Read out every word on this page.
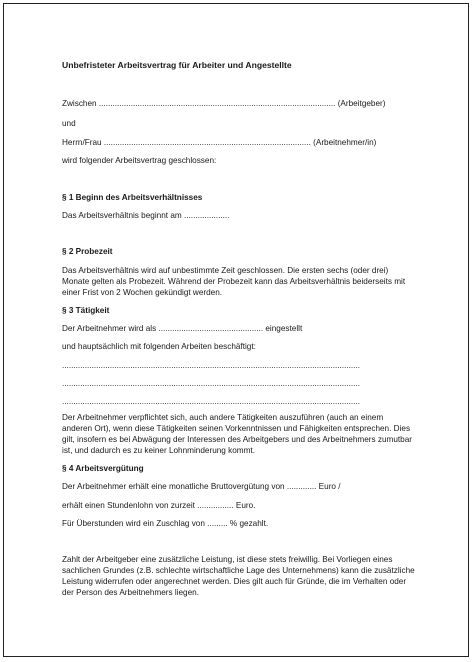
Unbefristeter Arbeitsvertrag für Arbeiter und Angestellte
Zwischen ........................................................................................................ (Arbeitgeber)
und
Herrn/Frau ........................................................................................... (Arbeitnehmer/in)
wird folgender Arbeitsvertrag geschlossen:
§ 1 Beginn des Arbeitsverhältnisses
Das Arbeitsverhältnis beginnt am ....................
§ 2 Probezeit
Das Arbeitsverhältnis wird auf unbestimmte Zeit geschlossen. Die ersten sechs (oder drei)
Monate gelten als Probezeit. Während der Probezeit kann das Arbeitsverhältnis beiderseits mit
einer Frist von 2 Wochen gekündigt werden.
§ 3 Tätigkeit
Der Arbeitnehmer wird als .............................................. eingestellt
und hauptsächlich mit folgenden Arbeiten beschäftigt:
...................................................................................................................................
...................................................................................................................................
...................................................................................................................................
Der Arbeitnehmer verpflichtet sich, auch andere Tätigkeiten auszuführen (auch an einem
anderen Ort), wenn diese Tätigkeiten seinen Vorkenntnissen und Fähigkeiten entsprechen. Dies
gilt, insofern es bei Abwägung der Interessen des Arbeitgebers und des Arbeitnehmers zumutbar
ist, und dadurch es zu keiner Lohnminderung kommt.
§ 4 Arbeitsvergütung
Der Arbeitnehmer erhält eine monatliche Bruttovergütung von ............. Euro /
erhält einen Stundenlohn von zurzeit ................ Euro.
Für Überstunden wird ein Zuschlag von ......... % gezahlt.
Zahlt der Arbeitgeber eine zusätzliche Leistung, ist diese stets freiwillig. Bei Vorliegen eines
sachlichen Grundes (z.B. schlechte wirtschaftliche Lage des Unternehmens) kann die zusätzliche
Leistung widerrufen oder angerechnet werden. Dies gilt auch für Gründe, die im Verhalten oder
der Person des Arbeitnehmers liegen.
